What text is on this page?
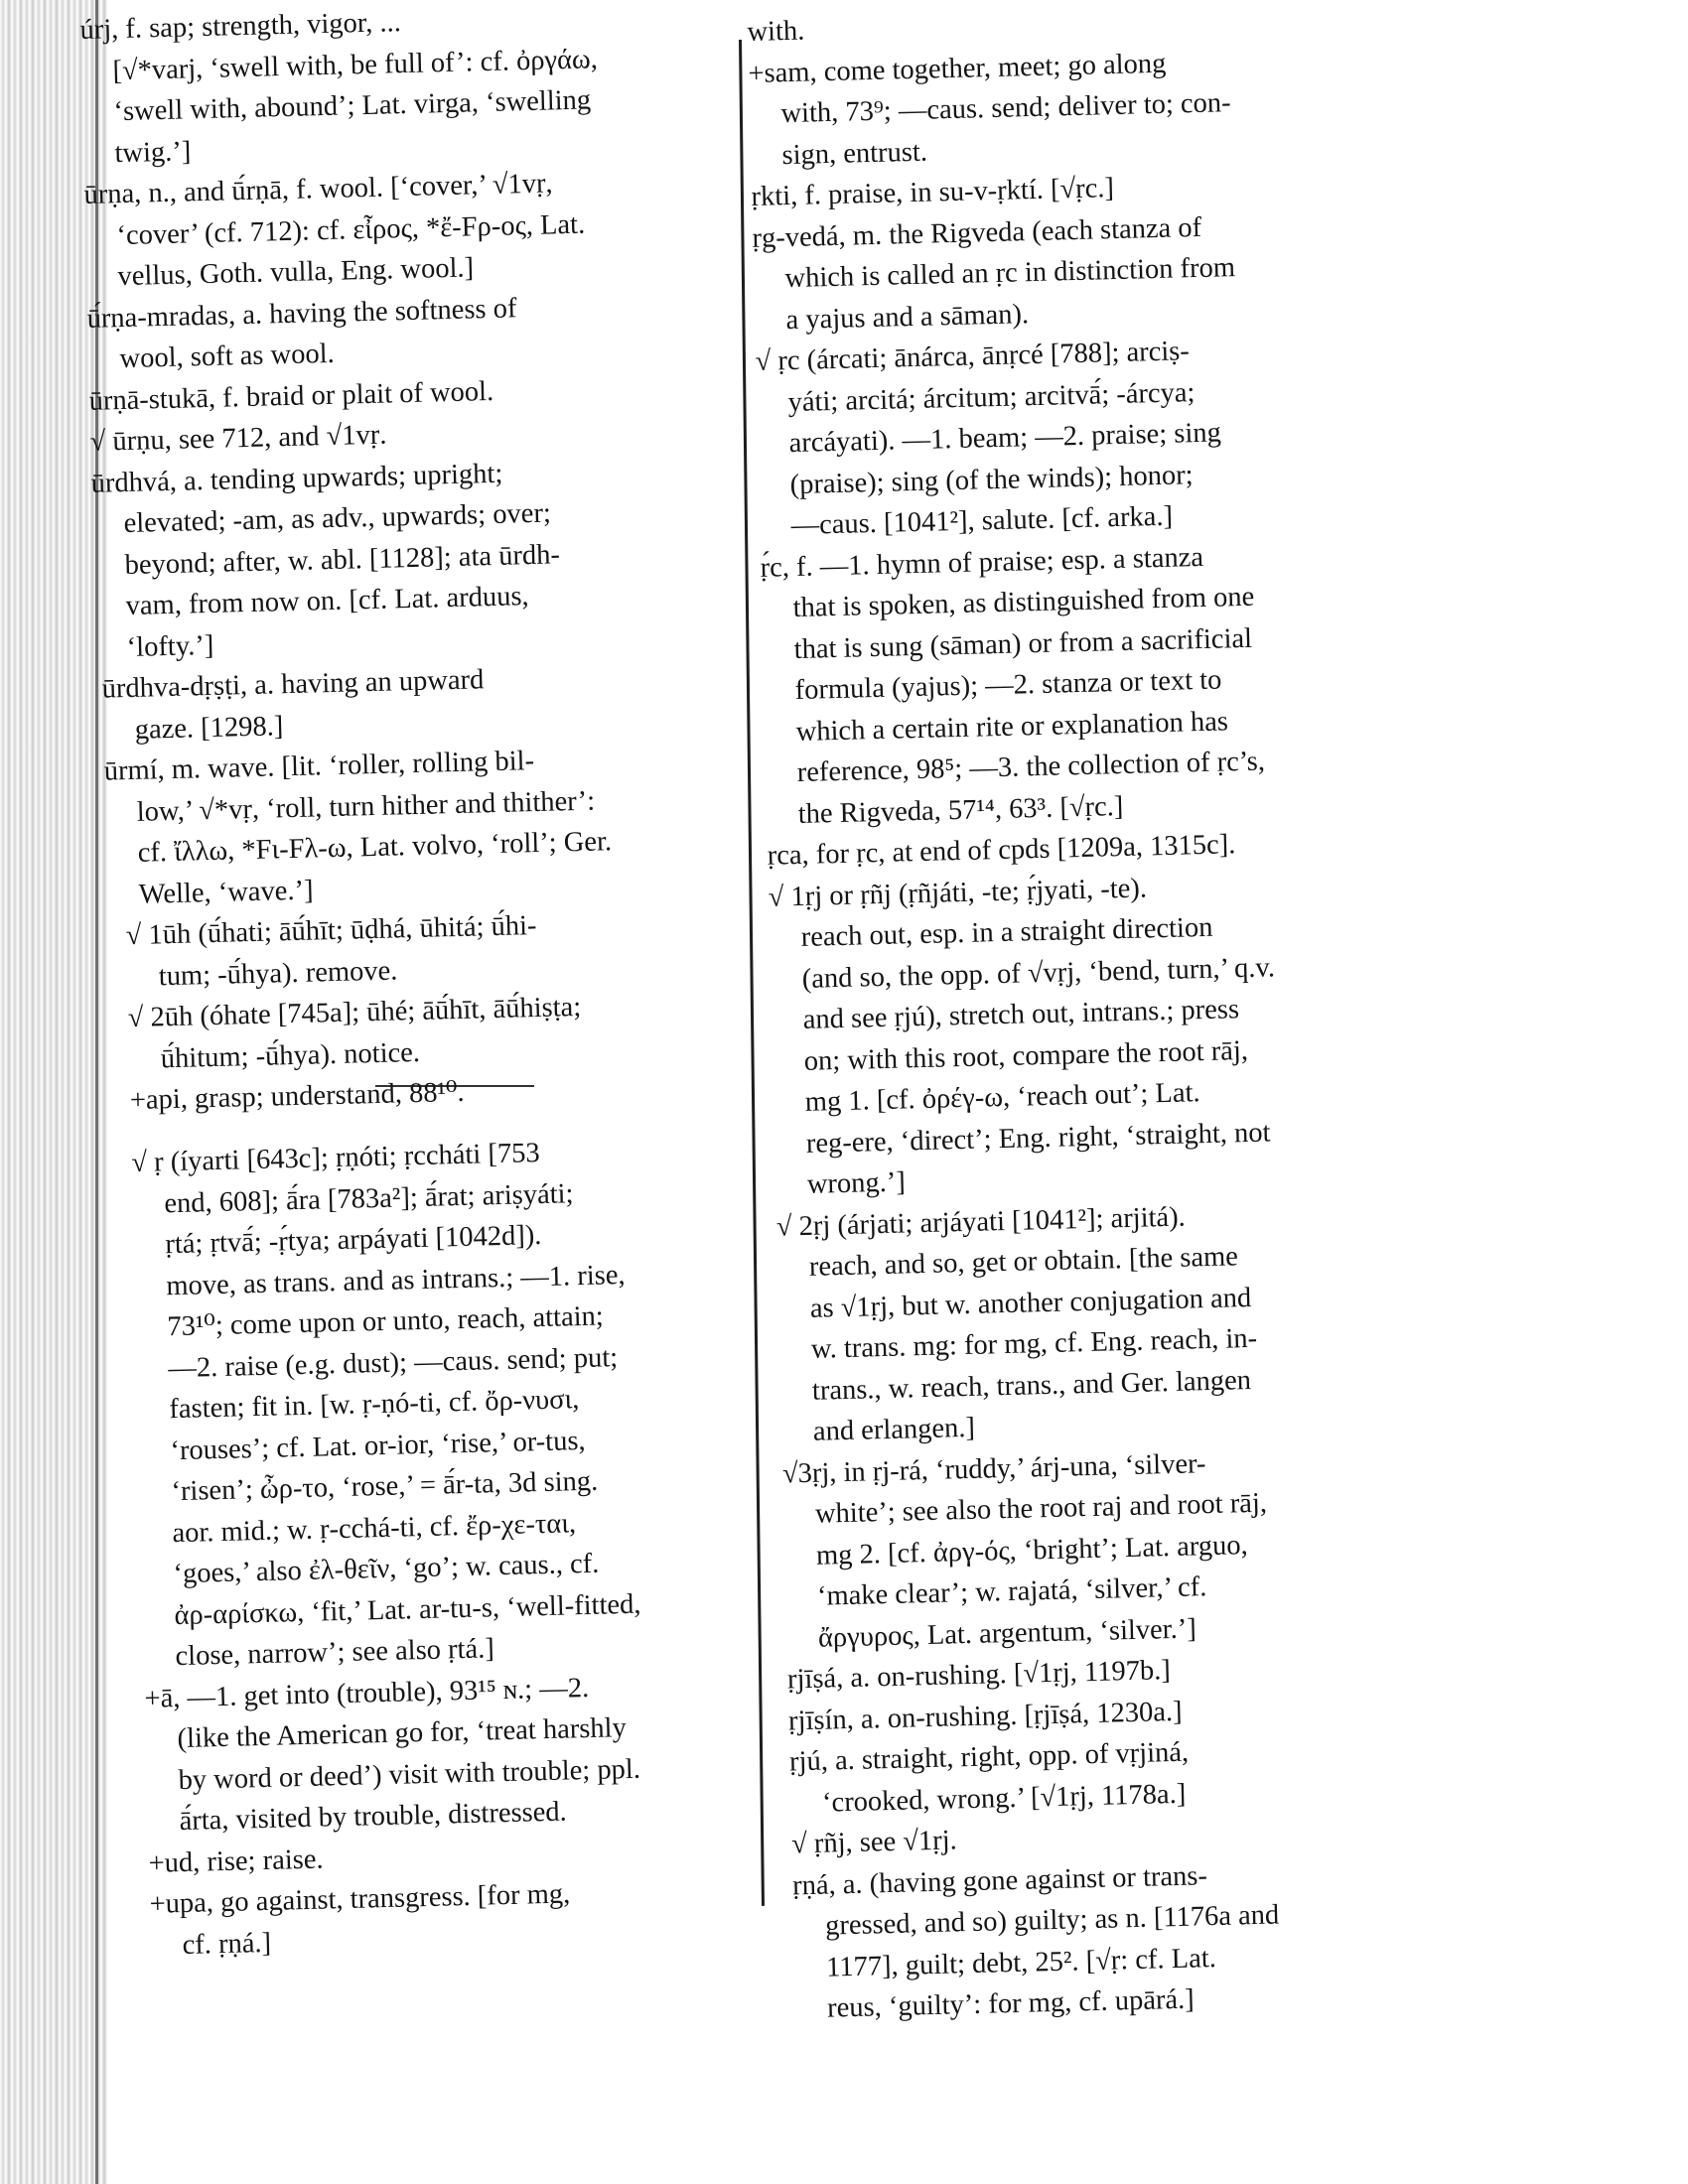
úrj, f. sap; strength, vigor, ...
[√*varj, ‘swell with, be full of’: cf. ὀργάω,
‘swell with, abound’; Lat. virga, ‘swelling
twig.’]
ūrṇa, n., and ū́rṇā, f. wool. [‘cover,’ √1vṛ,
‘cover’ (cf. 712): cf. εἶρος, *ἔ-Fρ-ος, Lat.
vellus, Goth. vulla, Eng. wool.]
ū́rṇa-mradas, a. having the softness of
wool, soft as wool.
ūrṇā-stukā, f. braid or plait of wool.
√ ūrṇu, see 712, and √1vṛ.
ūrdhvá, a. tending upwards; upright;
elevated; -am, as adv., upwards; over;
beyond; after, w. abl. [1128]; ata ūrdh-
vam, from now on. [cf. Lat. arduus,
‘lofty.’]
ūrdhva-dṛṣṭi, a. having an upward
gaze. [1298.]
ūrmí, m. wave. [lit. ‘roller, rolling bil-
low,’ √*vṛ, ‘roll, turn hither and thither’:
cf. ἴλλω, *Fι-Fλ-ω, Lat. volvo, ‘roll’; Ger.
Welle, ‘wave.’]
√ 1ūh (ū́hati; āū́hīt; ūḍhá, ūhitá; ū́hi-
tum; -ū́hya). remove.
√ 2ūh (óhate [745a]; ūhé; āū́hīt, āū́hiṣṭa;
ū́hitum; -ū́hya). notice.
+api, grasp; understand, 88¹⁰.
√ ṛ (íyarti [643c]; ṛṇóti; ṛccháti [753
end, 608]; ā́ra [783a²]; ā́rat; ariṣyáti;
ṛtá; ṛtvā́; -ṛ́tya; arpáyati [1042d]).
move, as trans. and as intrans.; —1. rise,
73¹⁰; come upon or unto, reach, attain;
—2. raise (e.g. dust); —caus. send; put;
fasten; fit in. [w. ṛ-ṇó-ti, cf. ὄρ-νυσι,
‘rouses’; cf. Lat. or-ior, ‘rise,’ or-tus,
‘risen’; ὦρ-το, ‘rose,’ = ā́r-ta, 3d sing.
aor. mid.; w. ṛ-cchá-ti, cf. ἔρ-χε-ται,
‘goes,’ also ἐλ-θεῖν, ‘go’; w. caus., cf.
ἀρ-αρίσκω, ‘fit,’ Lat. ar-tu-s, ‘well-fitted,
close, narrow’; see also ṛtá.]
+ā, —1. get into (trouble), 93¹⁵ ɴ.; —2.
(like the American go for, ‘treat harshly
by word or deed’) visit with trouble; ppl.
ā́rta, visited by trouble, distressed.
+ud, rise; raise.
+upa, go against, transgress. [for mg,
cf. ṛṇá.]
with.
+sam, come together, meet; go along
with, 73⁹; —caus. send; deliver to; con-
sign, entrust.
ṛkti, f. praise, in su-v-ṛktí. [√ṛc.]
ṛg-vedá, m. the Rigveda (each stanza of
which is called an ṛc in distinction from
a yajus and a sāman).
√ ṛc (árcati; ānárca, ānṛcé [788]; arciṣ-
yáti; arcitá; árcitum; arcitvā́; -árcya;
arcáyati). —1. beam; —2. praise; sing
(praise); sing (of the winds); honor;
—caus. [1041²], salute. [cf. arka.]
ṛ́c, f. —1. hymn of praise; esp. a stanza
that is spoken, as distinguished from one
that is sung (sāman) or from a sacrificial
formula (yajus); —2. stanza or text to
which a certain rite or explanation has
reference, 98⁵; —3. the collection of ṛc’s,
the Rigveda, 57¹⁴, 63³. [√ṛc.]
ṛca, for ṛc, at end of cpds [1209a, 1315c].
√ 1ṛj or ṛñj (ṛñjáti, -te; ṛ́jyati, -te).
reach out, esp. in a straight direction
(and so, the opp. of √vṛj, ‘bend, turn,’ q.v.
and see ṛjú), stretch out, intrans.; press
on; with this root, compare the root rāj,
mg 1. [cf. ὀρέγ-ω, ‘reach out’; Lat.
reg-ere, ‘direct’; Eng. right, ‘straight, not
wrong.’]
√ 2ṛj (árjati; arjáyati [1041²]; arjitá).
reach, and so, get or obtain. [the same
as √1ṛj, but w. another conjugation and
w. trans. mg: for mg, cf. Eng. reach, in-
trans., w. reach, trans., and Ger. langen
and erlangen.]
√3ṛj, in ṛj-rá, ‘ruddy,’ árj-una, ‘silver-
white’; see also the root raj and root rāj,
mg 2. [cf. ἀργ-ός, ‘bright’; Lat. arguo,
‘make clear’; w. rajatá, ‘silver,’ cf.
ἄργυρος, Lat. argentum, ‘silver.’]
ṛjīṣá, a. on-rushing. [√1ṛj, 1197b.]
ṛjīṣín, a. on-rushing. [ṛjīṣá, 1230a.]
ṛjú, a. straight, right, opp. of vṛjiná,
‘crooked, wrong.’ [√1ṛj, 1178a.]
√ ṛñj, see √1ṛj.
ṛṇá, a. (having gone against or trans-
gressed, and so) guilty; as n. [1176a and
1177], guilt; debt, 25². [√ṛ: cf. Lat.
reus, ‘guilty’: for mg, cf. upārá.]
